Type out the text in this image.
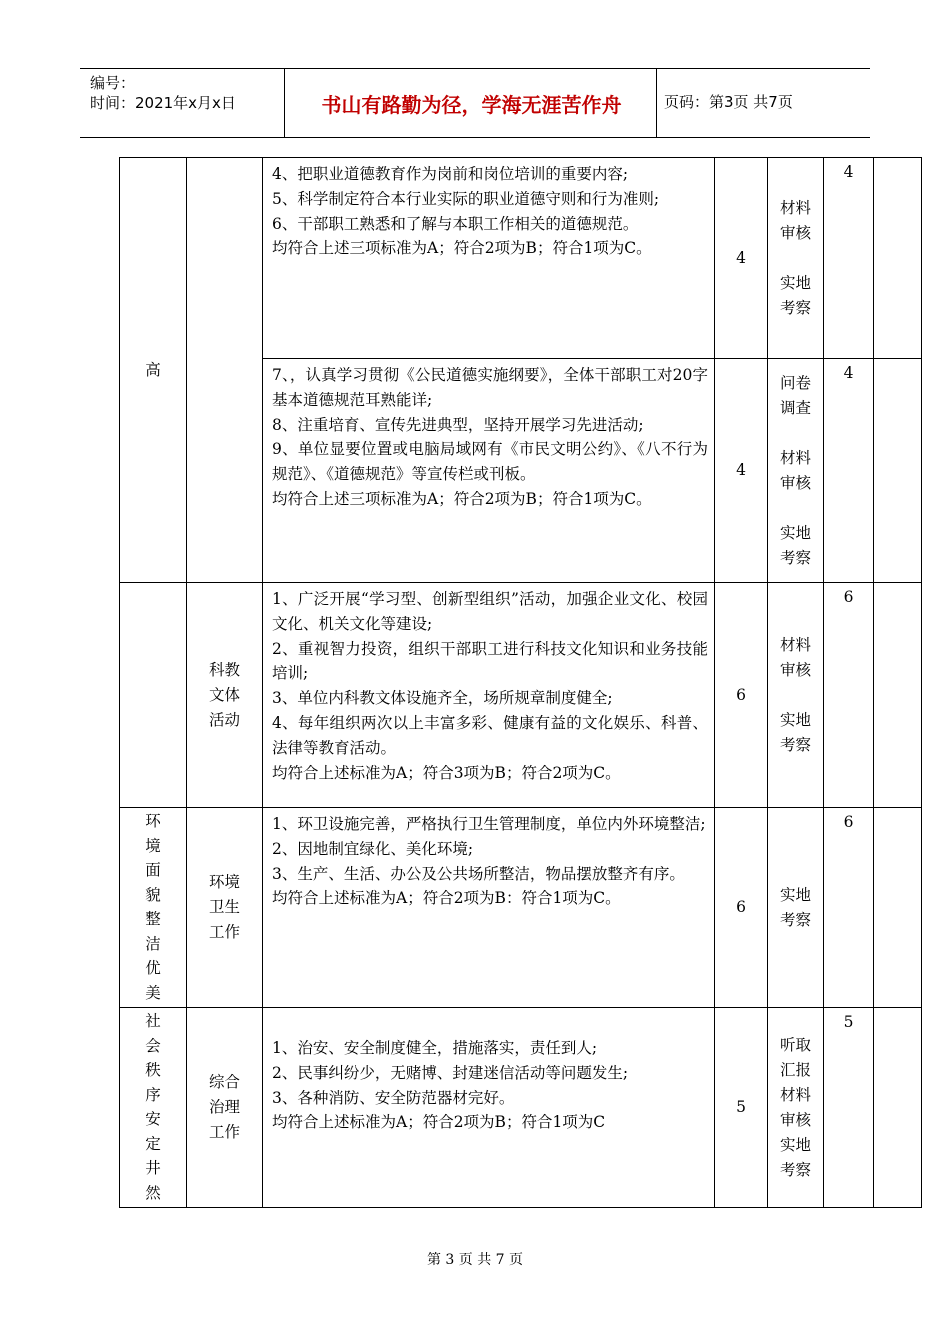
编号：
时间：2021年x月x日	书山有路勤为径，学海无涯苦作舟	页码：第3页 共7页
高		4、把职业道德教育作为岗前和岗位培训的重要内容;
5、科学制定符合本行业实际的职业道德守则和行为准则;
6、干部职工熟悉和了解与本职工作相关的道德规范。
均符合上述三项标准为A；符合2项为B；符合1项为C。	4	材料审核
实地考察	4	

		7、，认真学习贯彻《公民道德实施纲要》，全体干部职工对20字基本道德规范耳熟能详;
8、注重培育、宣传先进典型，坚持开展学习先进活动;
9、单位显要位置或电脑局域网有《市民文明公约》、《八不行为规范》、《道德规范》等宣传栏或刊板。
均符合上述三项标准为A；符合2项为B；符合1项为C。	4	问卷调查
材料审核
实地考察	4	
	科教文体活动	1、广泛开展“学习型、创新型组织”活动，加强企业文化、校园文化、机关文化等建设;
2、重视智力投资，组织干部职工进行科技文化知识和业务技能培训;
3、单位内科教文体设施齐全，场所规章制度健全;
4、每年组织两次以上丰富多彩、健康有益的文化娱乐、科普、法律等教育活动。
均符合上述标准为A；符合3项为B；符合2项为C。	6	材料审核
实地考察	6	
环境面貌整洁优美	环境卫生工作	1、环卫设施完善，严格执行卫生管理制度，单位内外环境整洁;
2、因地制宜绿化、美化环境;
3、生产、生活、办公及公共场所整洁，物品摆放整齐有序。
均符合上述标准为A；符合2项为B：符合1项为C。	6	实地考察	6	
社会秩序安定井然	综合治理工作	1、治安、安全制度健全，措施落实，责任到人;
2、民事纠纷少，无赌博、封建迷信活动等问题发生;
3、各种消防、安全防范器材完好。
均符合上述标准为A；符合2项为B；符合1项为C	5	听取汇报
材料审核
实地考察	5	
第 3 页 共 7 页
